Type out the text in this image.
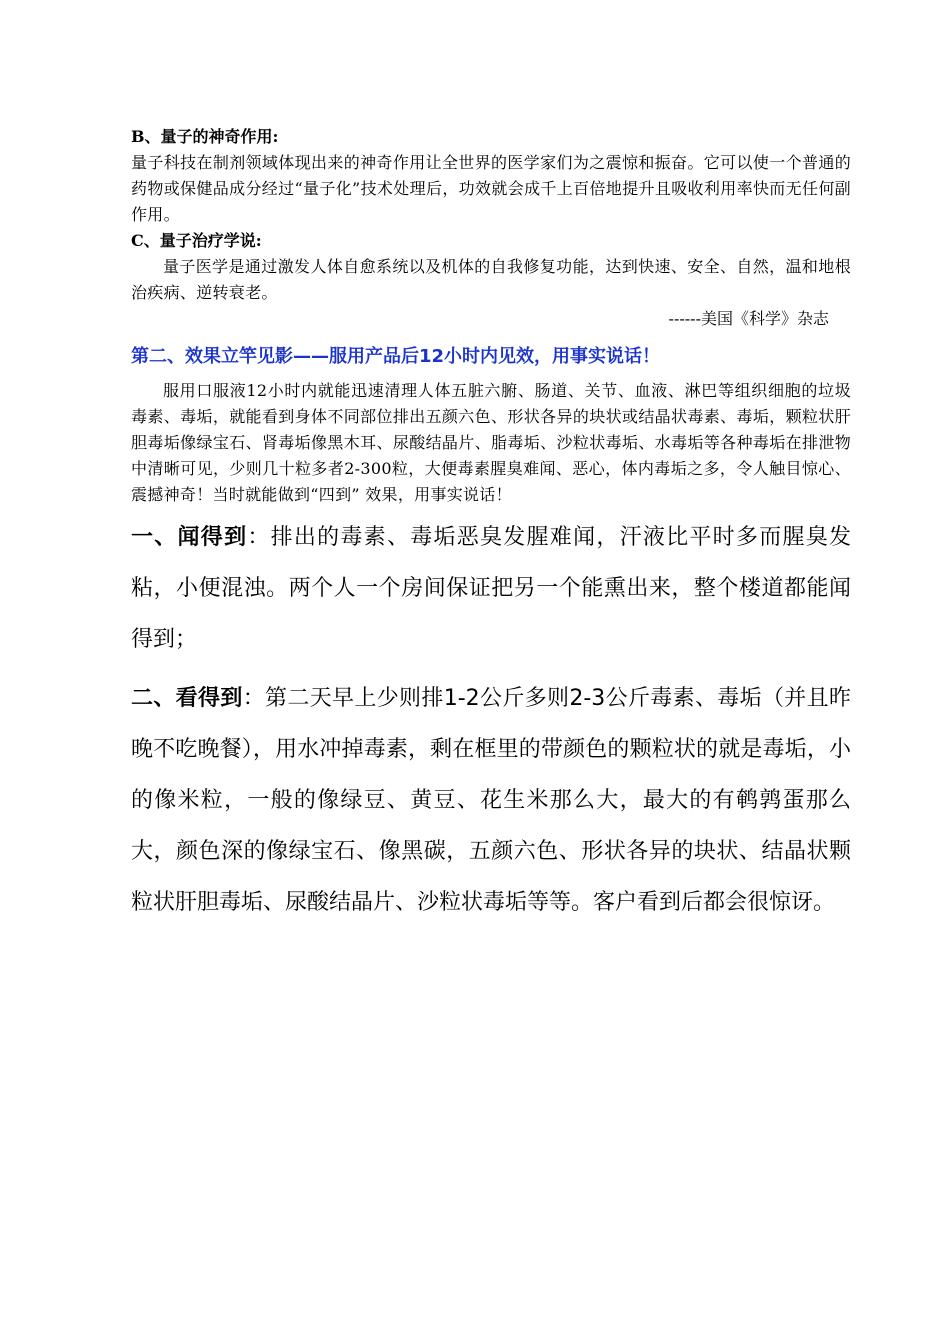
B、量子的神奇作用:

量子科技在制剂领域体现出来的神奇作用让全世界的医学家们为之震惊和振奋。它可以使一个普通的药物或保健品成分经过“量子化”技术处理后，功效就会成千上百倍地提升且吸收利用率快而无任何副作用。

C、量子治疗学说:

量子医学是通过激发人体自愈系统以及机体的自我修复功能，达到快速、安全、自然，温和地根治疾病、逆转衰老。

------美国《科学》杂志

第二、效果立竿见影——服用产品后12小时内见效，用事实说话！

服用口服液12小时内就能迅速清理人体五脏六腑、肠道、关节、血液、淋巴等组织细胞的垃圾毒素、毒垢，就能看到身体不同部位排出五颜六色、形状各异的块状或结晶状毒素、毒垢，颗粒状肝胆毒垢像绿宝石、肾毒垢像黑木耳、尿酸结晶片、脂毒垢、沙粒状毒垢、水毒垢等各种毒垢在排泄物中清晰可见，少则几十粒多者2-300粒，大便毒素腥臭难闻、恶心，体内毒垢之多，令人触目惊心、震撼神奇！当时就能做到“四到” 效果，用事实说话！

一、闻得到：排出的毒素、毒垢恶臭发腥难闻，汗液比平时多而腥臭发粘，小便混浊。两个人一个房间保证把另一个能熏出来，整个楼道都能闻得到；

二、看得到：第二天早上少则排1-2公斤多则2-3公斤毒素、毒垢（并且昨晚不吃晚餐），用水冲掉毒素，剩在框里的带颜色的颗粒状的就是毒垢，小的像米粒，一般的像绿豆、黄豆、花生米那么大，最大的有鹌鹑蛋那么大，颜色深的像绿宝石、像黑碳，五颜六色、形状各异的块状、结晶状颗粒状肝胆毒垢、尿酸结晶片、沙粒状毒垢等等。客户看到后都会很惊讶。
